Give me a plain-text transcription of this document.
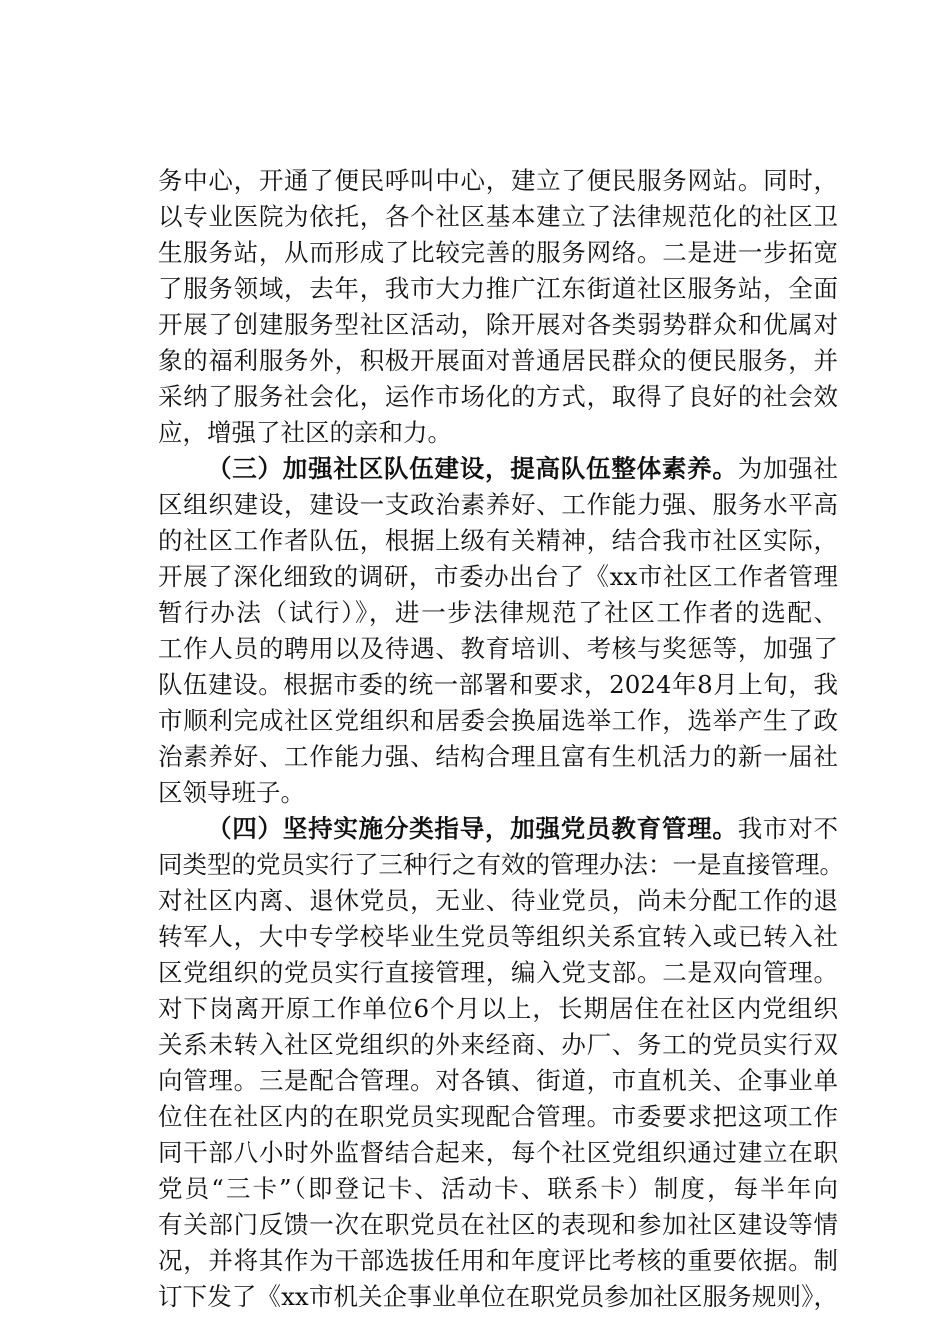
务中心，开通了便民呼叫中心，建立了便民服务网站。同时，
以专业医院为依托，各个社区基本建立了法律规范化的社区卫
生服务站，从而形成了比较完善的服务网络。二是进一步拓宽
了服务领域，去年，我市大力推广江东街道社区服务站，全面
开展了创建服务型社区活动，除开展对各类弱势群众和优属对
象的福利服务外，积极开展面对普通居民群众的便民服务，并
采纳了服务社会化，运作市场化的方式，取得了良好的社会效
应，增强了社区的亲和力。
（三）加强社区队伍建设，提高队伍整体素养。为加强社
区组织建设，建设一支政治素养好、工作能力强、服务水平高
的社区工作者队伍，根据上级有关精神，结合我市社区实际，
开展了深化细致的调研，市委办出台了《xx市社区工作者管理
暂行办法（试行）》，进一步法律规范了社区工作者的选配、
工作人员的聘用以及待遇、教育培训、考核与奖惩等，加强了
队伍建设。根据市委的统一部署和要求，2024年8月上旬，我
市顺利完成社区党组织和居委会换届选举工作，选举产生了政
治素养好、工作能力强、结构合理且富有生机活力的新一届社
区领导班子。
（四）坚持实施分类指导，加强党员教育管理。我市对不
同类型的党员实行了三种行之有效的管理办法：一是直接管理。
对社区内离、退休党员，无业、待业党员，尚未分配工作的退
转军人，大中专学校毕业生党员等组织关系宜转入或已转入社
区党组织的党员实行直接管理，编入党支部。二是双向管理。
对下岗离开原工作单位6个月以上，长期居住在社区内党组织
关系未转入社区党组织的外来经商、办厂、务工的党员实行双
向管理。三是配合管理。对各镇、街道，市直机关、企事业单
位住在社区内的在职党员实现配合管理。市委要求把这项工作
同干部八小时外监督结合起来，每个社区党组织通过建立在职
党员“三卡”（即登记卡、活动卡、联系卡）制度，每半年向
有关部门反馈一次在职党员在社区的表现和参加社区建设等情
况，并将其作为干部选拔任用和年度评比考核的重要依据。制
订下发了《xx市机关企事业单位在职党员参加社区服务规则》，
